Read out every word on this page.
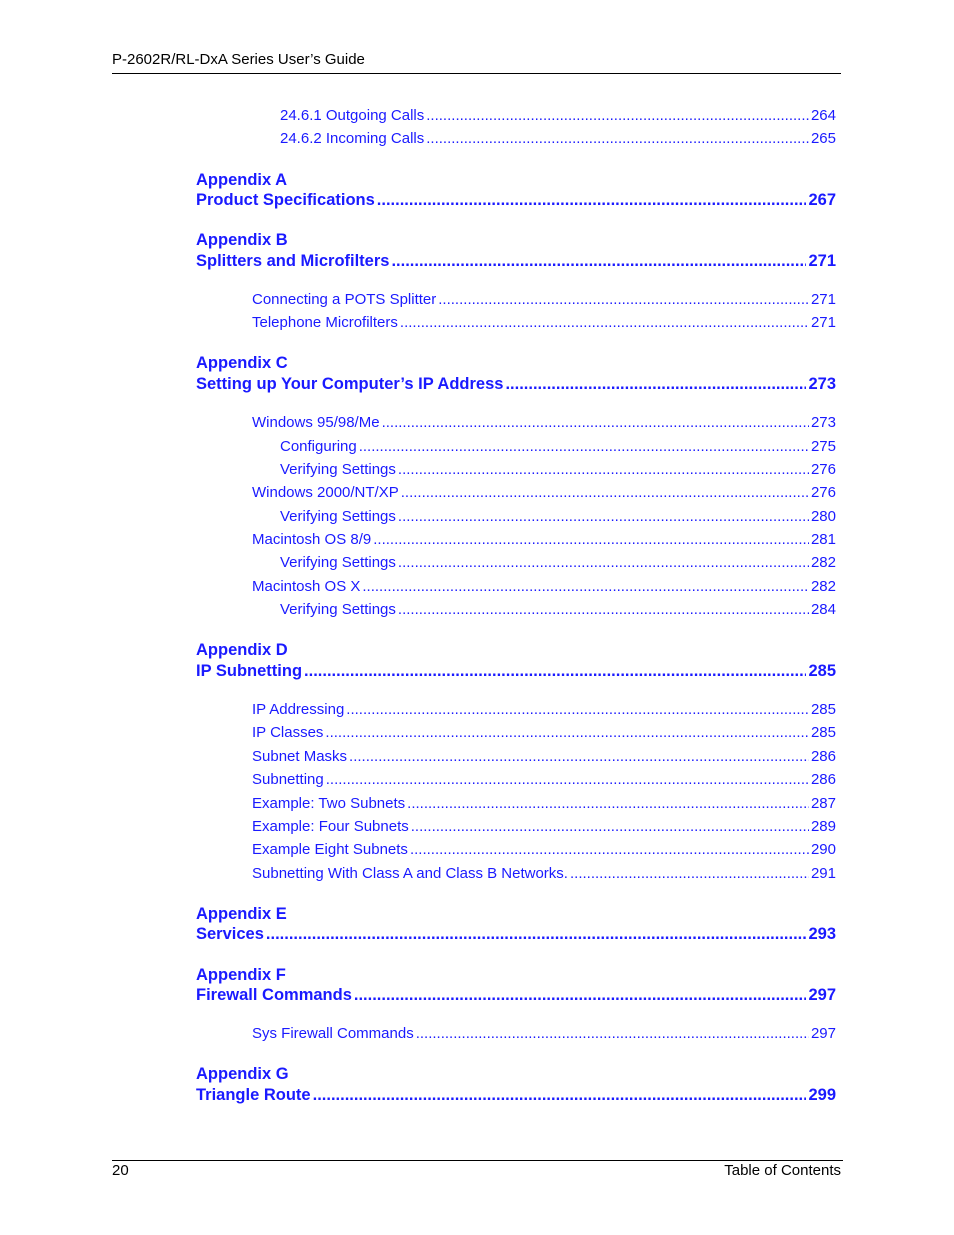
P-2602R/RL-DxA Series User’s Guide
24.6.1 Outgoing Calls .....	264
24.6.2 Incoming Calls .....	265
Appendix A
Product Specifications .....	267
Appendix B
Splitters and Microfilters .....	271
Connecting a POTS Splitter .....	271
Telephone Microfilters .....	271
Appendix C
Setting up Your Computer’s IP Address .....	273
Windows 95/98/Me .....	273
Configuring .....	275
Verifying Settings .....	276
Windows 2000/NT/XP .....	276
Verifying Settings .....	280
Macintosh OS 8/9 .....	281
Verifying Settings .....	282
Macintosh OS X .....	282
Verifying Settings .....	284
Appendix D
IP Subnetting .....	285
IP Addressing .....	285
IP Classes .....	285
Subnet Masks .....	286
Subnetting .....	286
Example: Two Subnets .....	287
Example: Four Subnets .....	289
Example Eight Subnets .....	290
Subnetting With Class A and Class B Networks. .....	291
Appendix E
Services .....	293
Appendix F
Firewall Commands .....	297
Sys Firewall Commands .....	297
Appendix G
Triangle Route .....	299
20	Table of Contents
